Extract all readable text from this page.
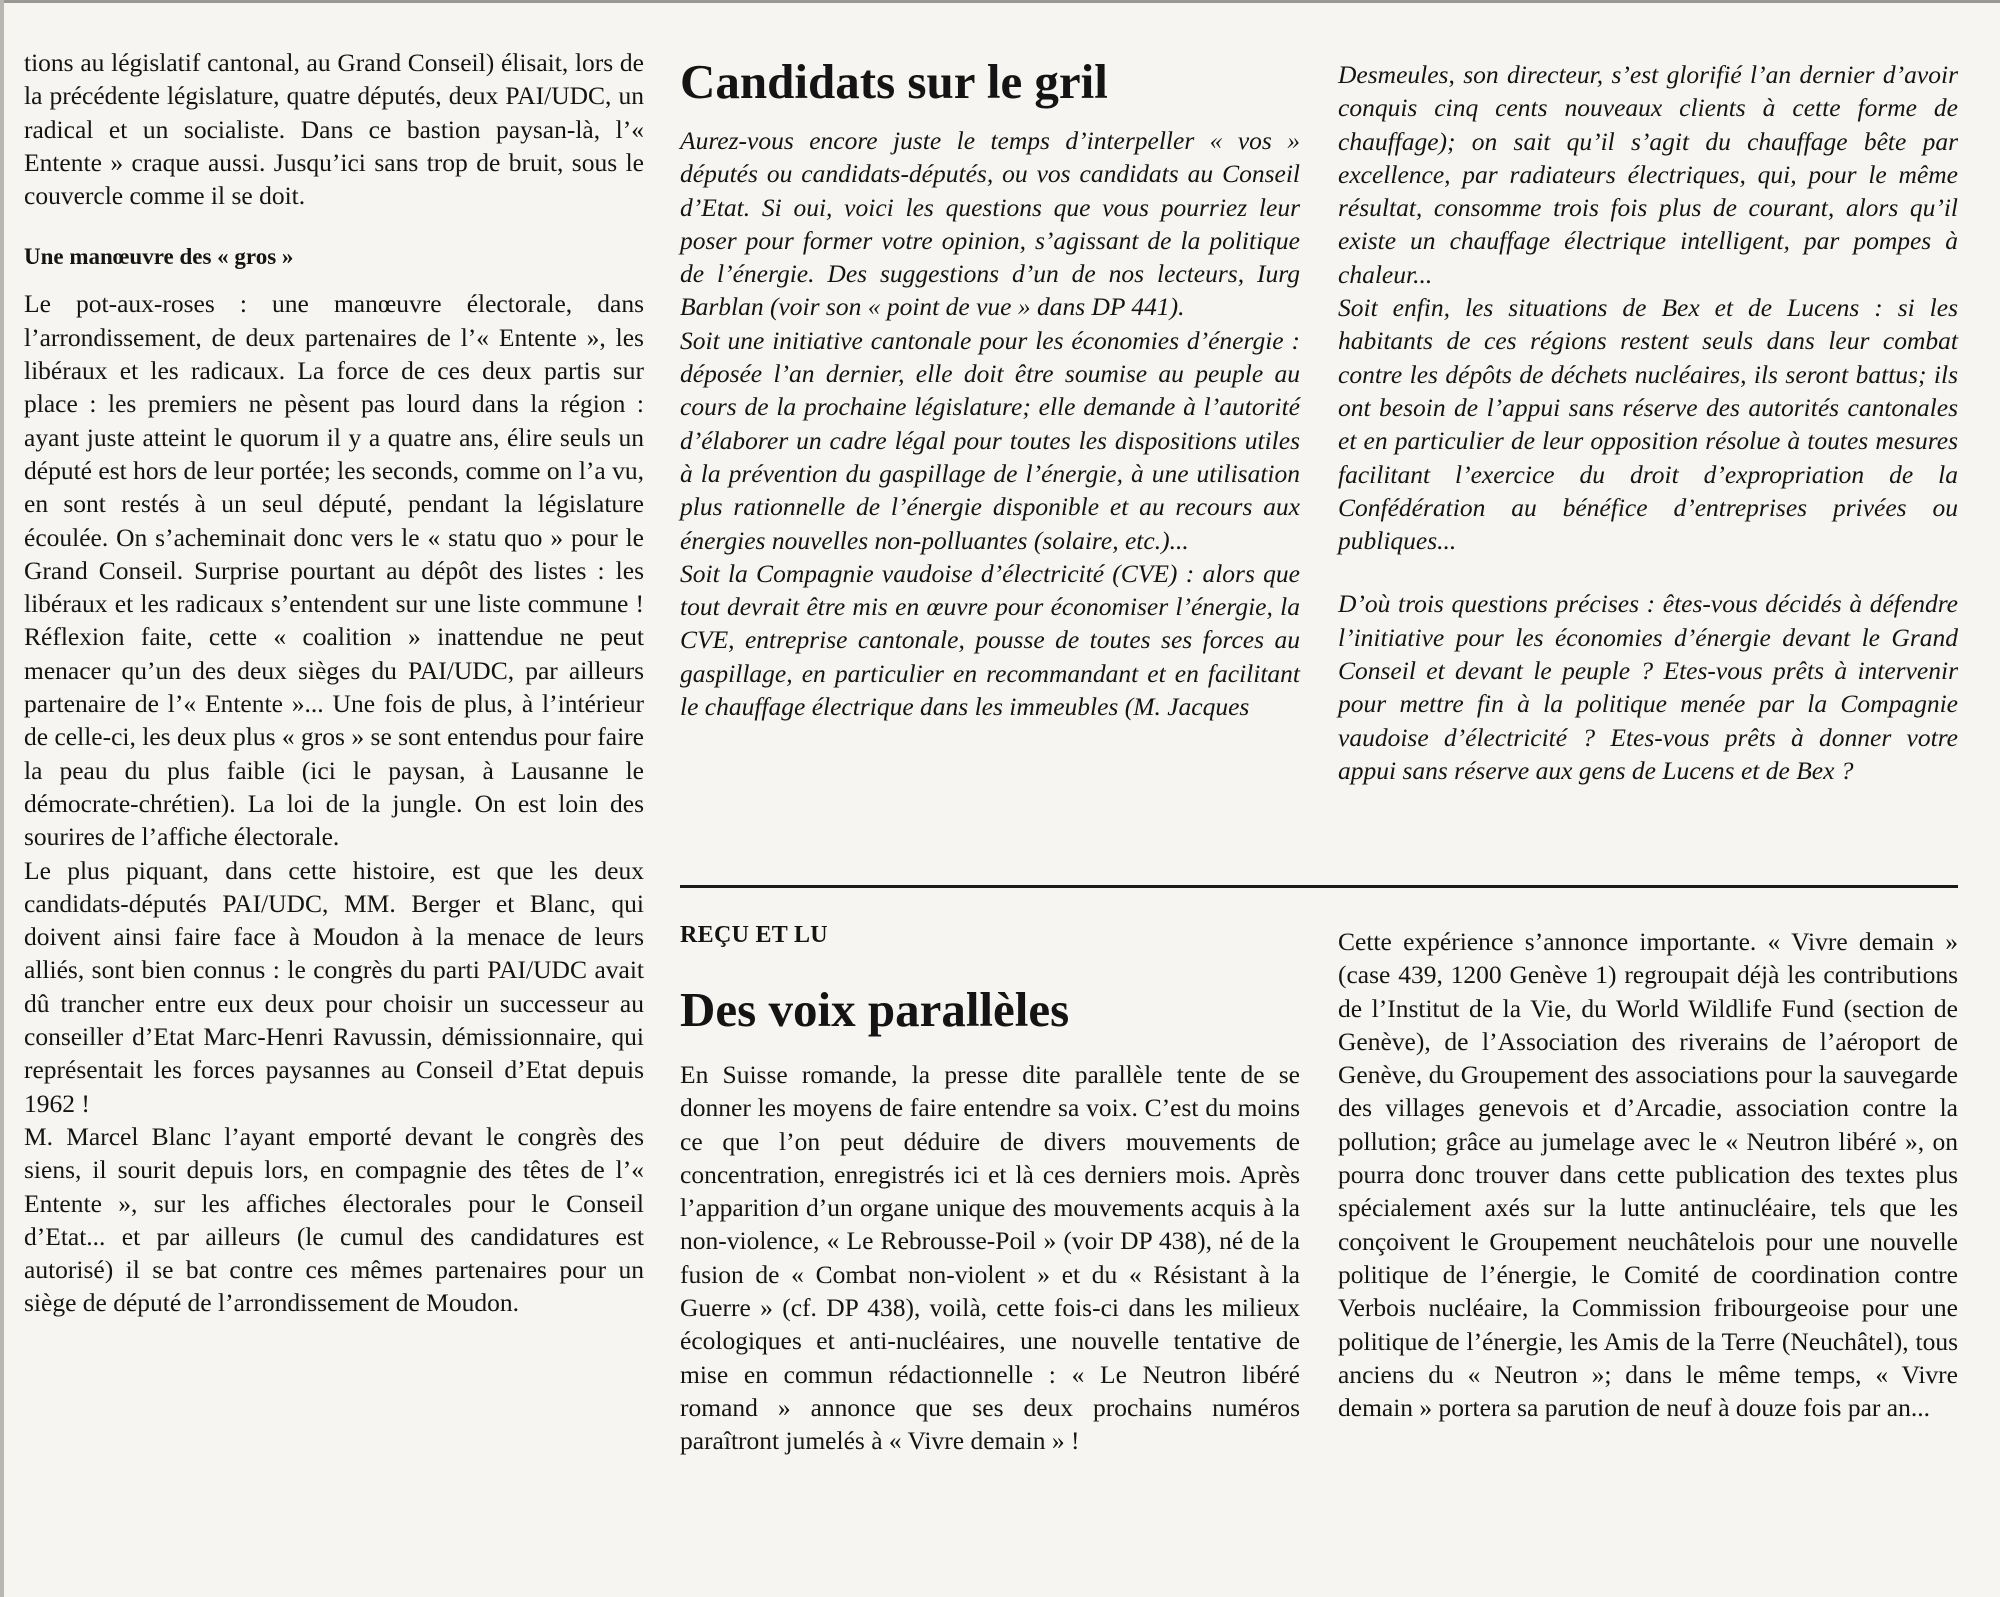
tions au législatif cantonal, au Grand Conseil) élisait, lors de la précédente législature, quatre députés, deux PAI/UDC, un radical et un socialiste. Dans ce bastion paysan-là, l’« Entente » craque aussi. Jusqu’ici sans trop de bruit, sous le couvercle comme il se doit.

Une manœuvre des « gros »

Le pot-aux-roses : une manœuvre électorale, dans l’arrondissement, de deux partenaires de l’« Entente », les libéraux et les radicaux. La force de ces deux partis sur place : les premiers ne pèsent pas lourd dans la région : ayant juste atteint le quorum il y a quatre ans, élire seuls un député est hors de leur portée; les seconds, comme on l’a vu, en sont restés à un seul député, pendant la législature écoulée. On s’acheminait donc vers le « statu quo » pour le Grand Conseil. Surprise pourtant au dépôt des listes : les libéraux et les radicaux s’entendent sur une liste commune ! Réflexion faite, cette « coalition » inattendue ne peut menacer qu’un des deux sièges du PAI/UDC, par ailleurs partenaire de l’« Entente »... Une fois de plus, à l’intérieur de celle-ci, les deux plus « gros » se sont entendus pour faire la peau du plus faible (ici le paysan, à Lausanne le démocrate-chrétien). La loi de la jungle. On est loin des sourires de l’affiche électorale.

Le plus piquant, dans cette histoire, est que les deux candidats-députés PAI/UDC, MM. Berger et Blanc, qui doivent ainsi faire face à Moudon à la menace de leurs alliés, sont bien connus : le congrès du parti PAI/UDC avait dû trancher entre eux deux pour choisir un successeur au conseiller d’Etat Marc-Henri Ravussin, démissionnaire, qui représentait les forces paysannes au Conseil d’Etat depuis 1962 !

M. Marcel Blanc l’ayant emporté devant le congrès des siens, il sourit depuis lors, en compagnie des têtes de l’« Entente », sur les affiches électorales pour le Conseil d’Etat... et par ailleurs (le cumul des candidatures est autorisé) il se bat contre ces mêmes partenaires pour un siège de député de l’arrondissement de Moudon.

Candidats sur le gril

Aurez-vous encore juste le temps d’interpeller « vos » députés ou candidats-députés, ou vos candidats au Conseil d’Etat. Si oui, voici les questions que vous pourriez leur poser pour former votre opinion, s’agissant de la politique de l’énergie. Des suggestions d’un de nos lecteurs, Iurg Barblan (voir son « point de vue » dans DP 441).

Soit une initiative cantonale pour les économies d’énergie : déposée l’an dernier, elle doit être soumise au peuple au cours de la prochaine législature; elle demande à l’autorité d’élaborer un cadre légal pour toutes les dispositions utiles à la prévention du gaspillage de l’énergie, à une utilisation plus rationnelle de l’énergie disponible et au recours aux énergies nouvelles non-polluantes (solaire, etc.)...

Soit la Compagnie vaudoise d’électricité (CVE) : alors que tout devrait être mis en œuvre pour économiser l’énergie, la CVE, entreprise cantonale, pousse de toutes ses forces au gaspillage, en particulier en recommandant et en facilitant le chauffage électrique dans les immeubles (M. Jacques

Desmeules, son directeur, s’est glorifié l’an dernier d’avoir conquis cinq cents nouveaux clients à cette forme de chauffage); on sait qu’il s’agit du chauffage bête par excellence, par radiateurs électriques, qui, pour le même résultat, consomme trois fois plus de courant, alors qu’il existe un chauffage électrique intelligent, par pompes à chaleur...

Soit enfin, les situations de Bex et de Lucens : si les habitants de ces régions restent seuls dans leur combat contre les dépôts de déchets nucléaires, ils seront battus; ils ont besoin de l’appui sans réserve des autorités cantonales et en particulier de leur opposition résolue à toutes mesures facilitant l’exercice du droit d’expropriation de la Confédération au bénéfice d’entreprises privées ou publiques...

D’où trois questions précises : êtes-vous décidés à défendre l’initiative pour les économies d’énergie devant le Grand Conseil et devant le peuple ? Etes-vous prêts à intervenir pour mettre fin à la politique menée par la Compagnie vaudoise d’électricité ? Etes-vous prêts à donner votre appui sans réserve aux gens de Lucens et de Bex ?

REÇU ET LU
Des voix parallèles

En Suisse romande, la presse dite parallèle tente de se donner les moyens de faire entendre sa voix. C’est du moins ce que l’on peut déduire de divers mouvements de concentration, enregistrés ici et là ces derniers mois. Après l’apparition d’un organe unique des mouvements acquis à la non-violence, « Le Rebrousse-Poil » (voir DP 438), né de la fusion de « Combat non-violent » et du « Résistant à la Guerre » (cf. DP 438), voilà, cette fois-ci dans les milieux écologiques et anti-nucléaires, une nouvelle tentative de mise en commun rédactionnelle : « Le Neutron libéré romand » annonce que ses deux prochains numéros paraîtront jumelés à « Vivre demain » !

Cette expérience s’annonce importante. « Vivre demain » (case 439, 1200 Genève 1) regroupait déjà les contributions de l’Institut de la Vie, du World Wildlife Fund (section de Genève), de l’Association des riverains de l’aéroport de Genève, du Groupement des associations pour la sauvegarde des villages genevois et d’Arcadie, association contre la pollution; grâce au jumelage avec le « Neutron libéré », on pourra donc trouver dans cette publication des textes plus spécialement axés sur la lutte antinucléaire, tels que les conçoivent le Groupement neuchâtelois pour une nouvelle politique de l’énergie, le Comité de coordination contre Verbois nucléaire, la Commission fribourgeoise pour une politique de l’énergie, les Amis de la Terre (Neuchâtel), tous anciens du « Neutron »; dans le même temps, « Vivre demain » portera sa parution de neuf à douze fois par an...
